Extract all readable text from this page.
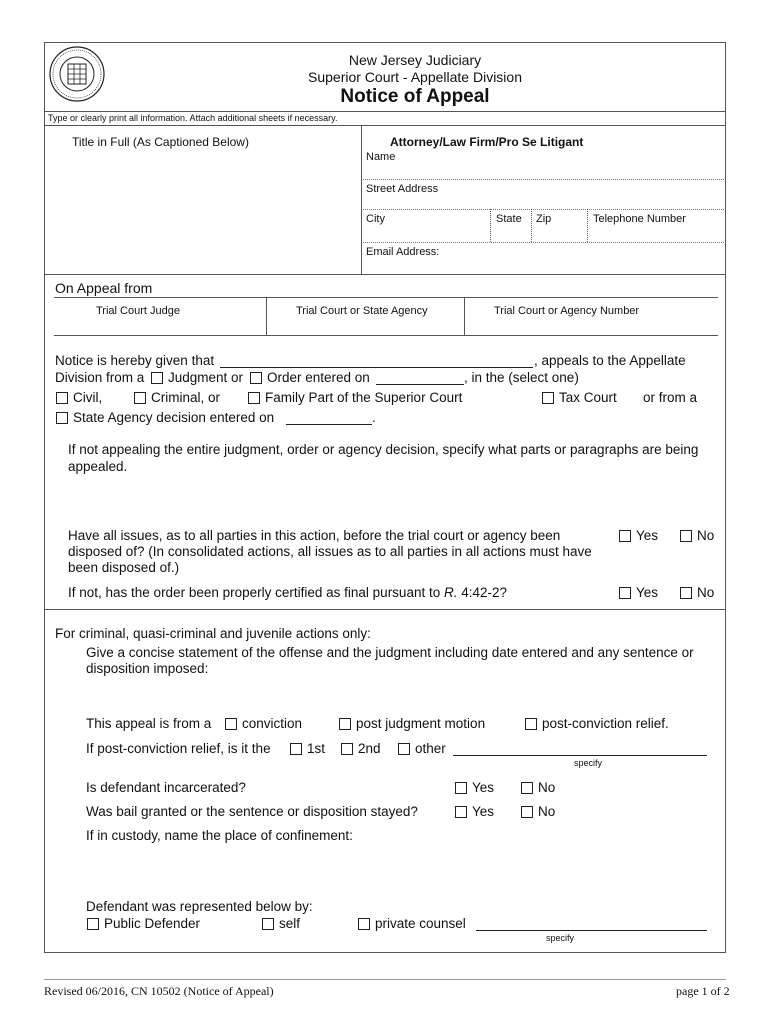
New Jersey Judiciary
Superior Court - Appellate Division
Notice of Appeal
Type or clearly print all information. Attach additional sheets if necessary.
Title in Full (As Captioned Below)	Attorney/Law Firm/Pro Se Litigant
Name
Street Address
City	State Zip	Telephone Number
Email Address:
On Appeal from
Trial Court Judge	Trial Court or State Agency	Trial Court or Agency Number
Notice is hereby given that	, appeals to the Appellate
Division from a Judgment or Order entered on	, in the (select one)
Civil,	Criminal, or	Family Part of the Superior Court	Tax Court or from a
State Agency decision entered on	.
If not appealing the entire judgment, order or agency decision, specify what parts or paragraphs are being
appealed.
Have all issues, as to all parties in this action, before the trial court or agency been
disposed of? (In consolidated actions, all issues as to all parties in all actions must have
been disposed of.)
Yes	No
If not, has the order been properly certified as final pursuant to R. 4:42-2?	Yes	No
For criminal, quasi-criminal and juvenile actions only:
Give a concise statement of the offense and the judgment including date entered and any sentence or
disposition imposed:
This appeal is from a conviction	post judgment motion	post-conviction relief.
If post-conviction relief, is it the	1st 2nd	other
specify
Is defendant incarcerated?	Yes	No
Was bail granted or the sentence or disposition stayed?	Yes	No
If in custody, name the place of confinement:
Defendant was represented below by:
Public Defender	self	private counsel
specify
Revised 06/2016, CN 10502 (Notice of Appeal)	page 1 of 2
